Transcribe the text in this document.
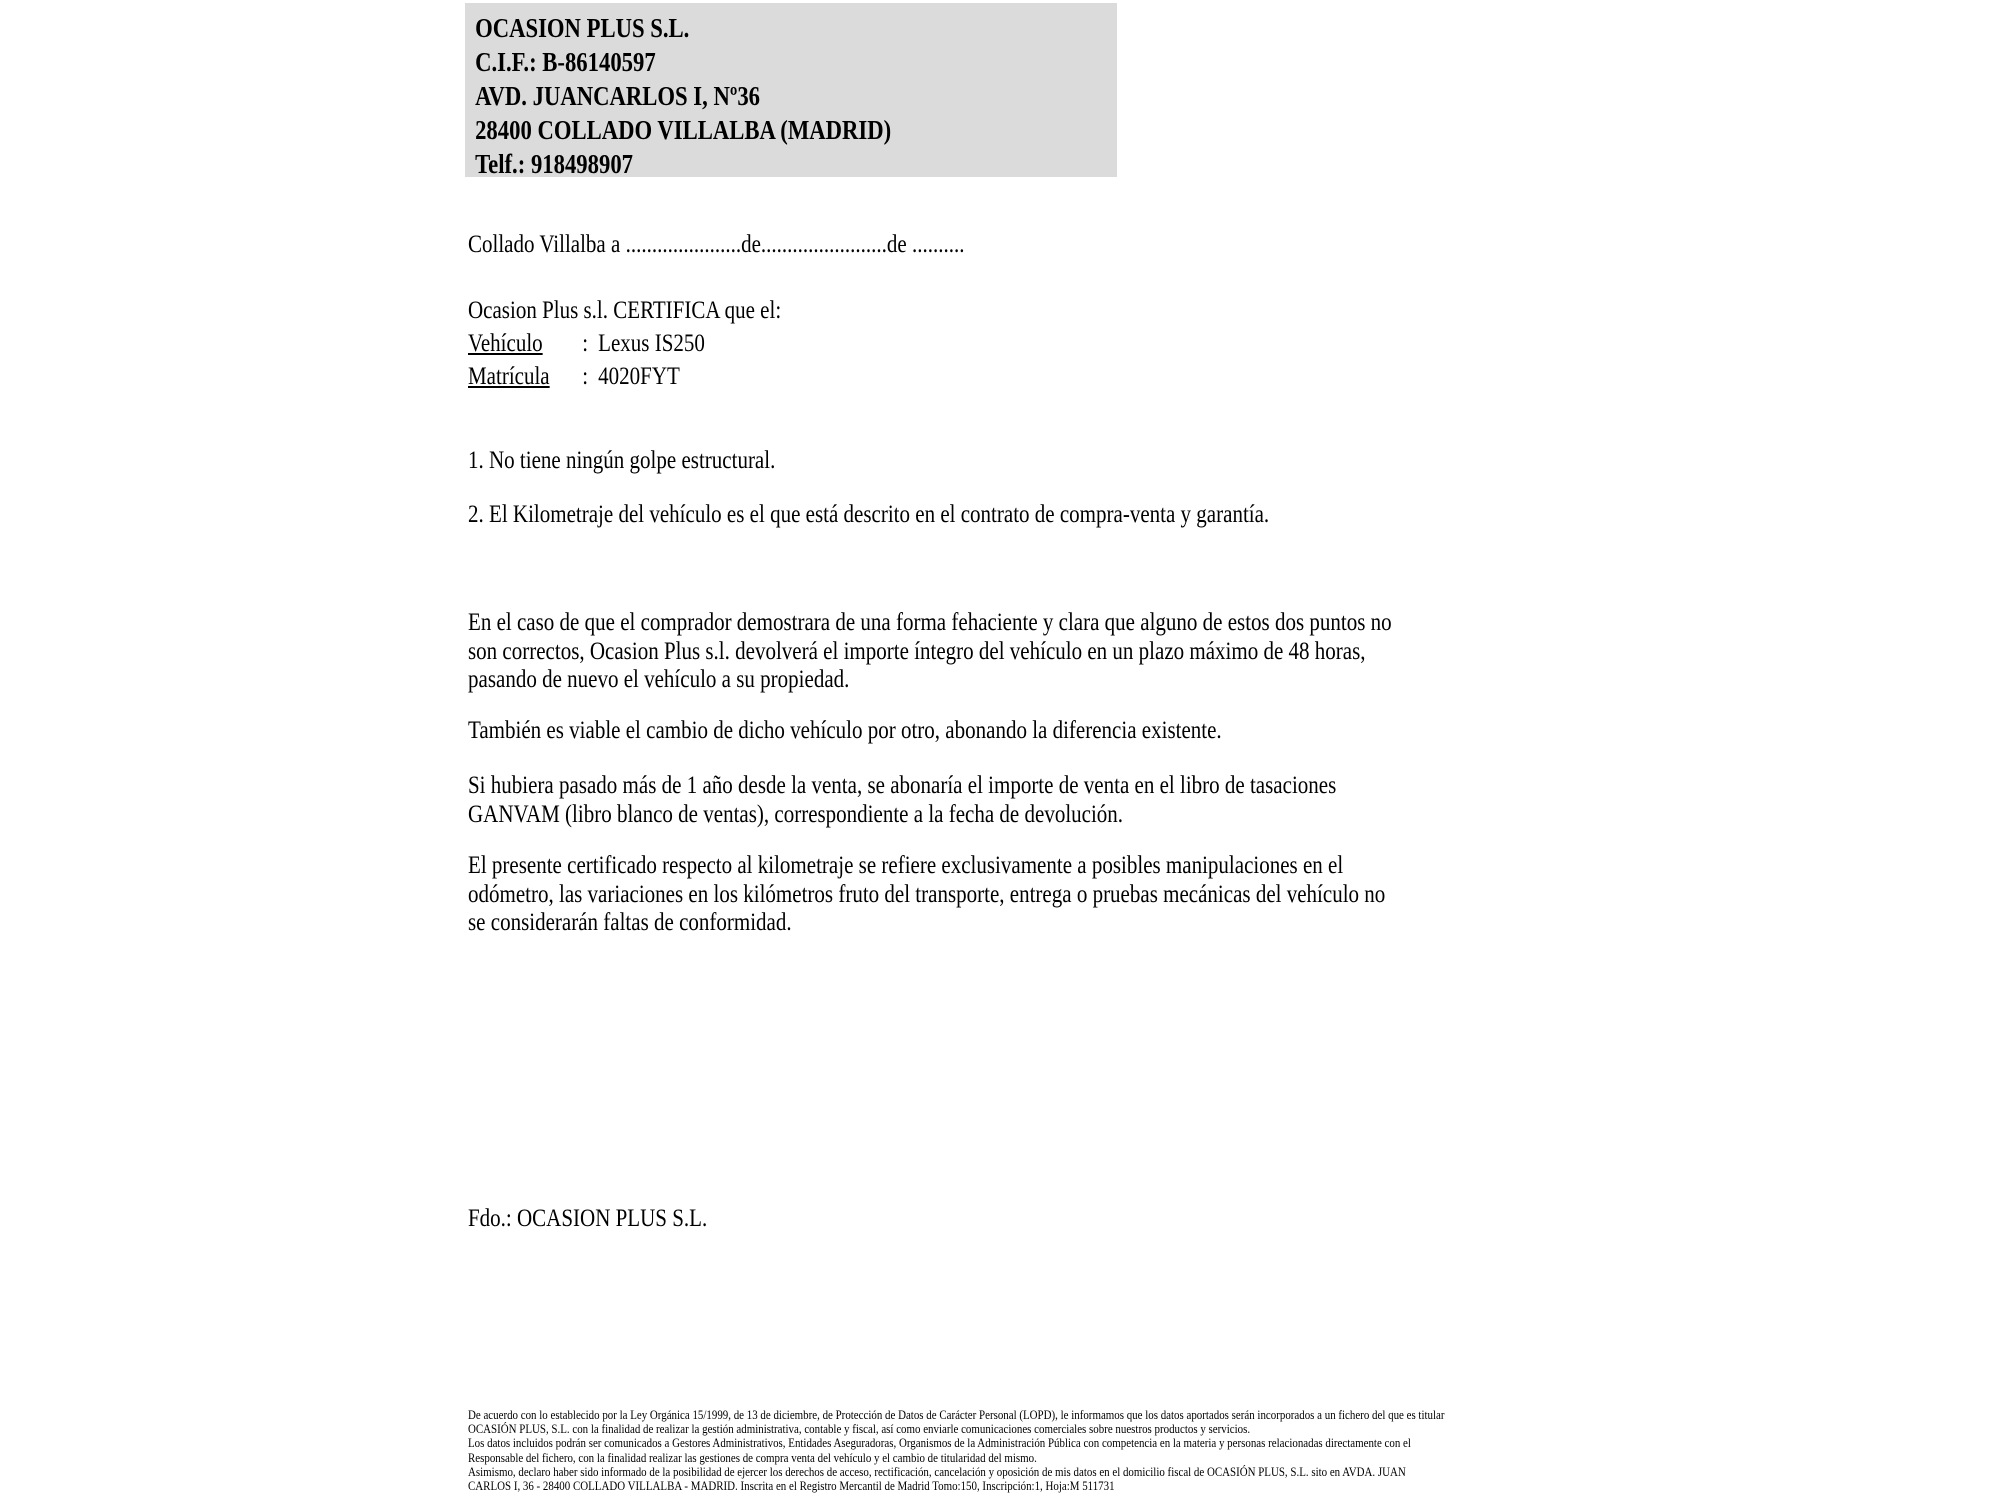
OCASION PLUS S.L.
C.I.F.: B-86140597
AVD. JUANCARLOS I, Nº36
28400 COLLADO VILLALBA (MADRID)
Telf.: 918498907
Collado Villalba a ......................de........................de ..........
Ocasion Plus s.l. CERTIFICA que el:
Vehículo : Lexus IS250
Matrícula : 4020FYT
1. No tiene ningún golpe estructural.
2. El Kilometraje del vehículo es el que está descrito en el contrato de compra-venta y garantía.
En el caso de que el comprador demostrara de una forma fehaciente y clara que alguno de estos dos puntos no
son correctos, Ocasion Plus s.l. devolverá el importe íntegro del vehículo en un plazo máximo de 48 horas,
pasando de nuevo el vehículo a su propiedad.
También es viable el cambio de dicho vehículo por otro, abonando la diferencia existente.
Si hubiera pasado más de 1 año desde la venta, se abonaría el importe de venta en el libro de tasaciones
GANVAM (libro blanco de ventas), correspondiente a la fecha de devolución.
El presente certificado respecto al kilometraje se refiere exclusivamente a posibles manipulaciones en el
odómetro, las variaciones en los kilómetros fruto del transporte, entrega o pruebas mecánicas del vehículo no
se considerarán faltas de conformidad.
Fdo.: OCASION PLUS S.L.
De acuerdo con lo establecido por la Ley Orgánica 15/1999, de 13 de diciembre, de Protección de Datos de Carácter Personal (LOPD), le informamos que los datos aportados serán incorporados a un fichero del que es titular
OCASIÓN PLUS, S.L. con la finalidad de realizar la gestión administrativa, contable y fiscal, así como enviarle comunicaciones comerciales sobre nuestros productos y servicios.
Los datos incluidos podrán ser comunicados a Gestores Administrativos, Entidades Aseguradoras, Organismos de la Administración Pública con competencia en la materia y personas relacionadas directamente con el
Responsable del fichero, con la finalidad realizar las gestiones de compra venta del vehículo y el cambio de titularidad del mismo.
Asimismo, declaro haber sido informado de la posibilidad de ejercer los derechos de acceso, rectificación, cancelación y oposición de mis datos en el domicilio fiscal de OCASIÓN PLUS, S.L. sito en AVDA. JUAN
CARLOS I, 36 - 28400 COLLADO VILLALBA - MADRID. Inscrita en el Registro Mercantil de Madrid Tomo:150, Inscripción:1, Hoja:M 511731
